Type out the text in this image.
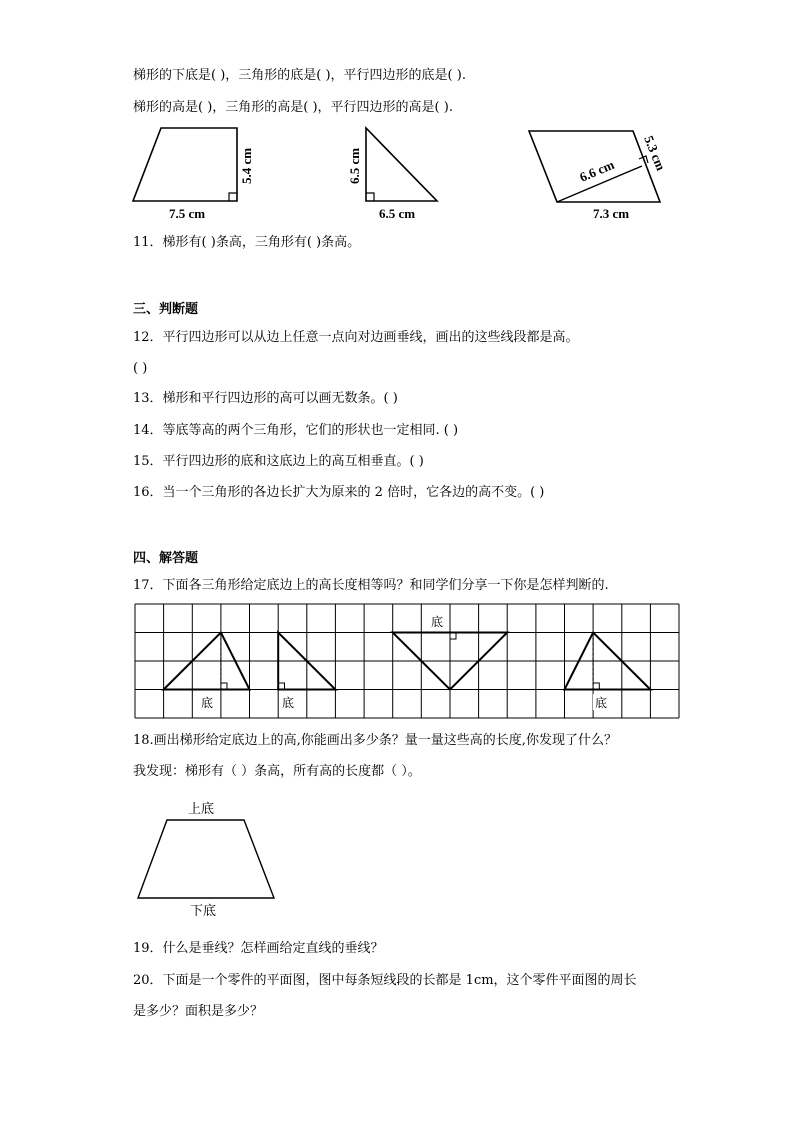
梯形的下底是( )，三角形的底是( )，平行四边形的底是( ).
梯形的高是( )，三角形的高是( )，平行四边形的高是( ).
7.5 cm
5.4 cm	6.5 cm
6.5 cm
6.6 cm 5.3 cm
7.3 cm
11．梯形有( )条高，三角形有( )条高。
三、判断题
12．平行四边形可以从边上任意一点向对边画垂线，画出的这些线段都是高。
( )
13．梯形和平行四边形的高可以画无数条。( )
14．等底等高的两个三角形，它们的形状也一定相同. ( )
15．平行四边形的底和这底边上的高互相垂直。( )
16．当一个三角形的各边长扩大为原来的 2 倍时，它各边的高不变。( )
四、解答题
17．下面各三角形给定底边上的高长度相等吗？和同学们分享一下你是怎样判断的.
底	底
底
底
18.画出梯形给定底边上的高,你能画出多少条？量一量这些高的长度,你发现了什么？
我发现：梯形有（ ）条高，所有高的长度都（ ）。
上底
下底
19．什么是垂线？怎样画给定直线的垂线？
20．下面是一个零件的平面图，图中每条短线段的长都是 1cm，这个零件平面图的周长
是多少？面积是多少？
